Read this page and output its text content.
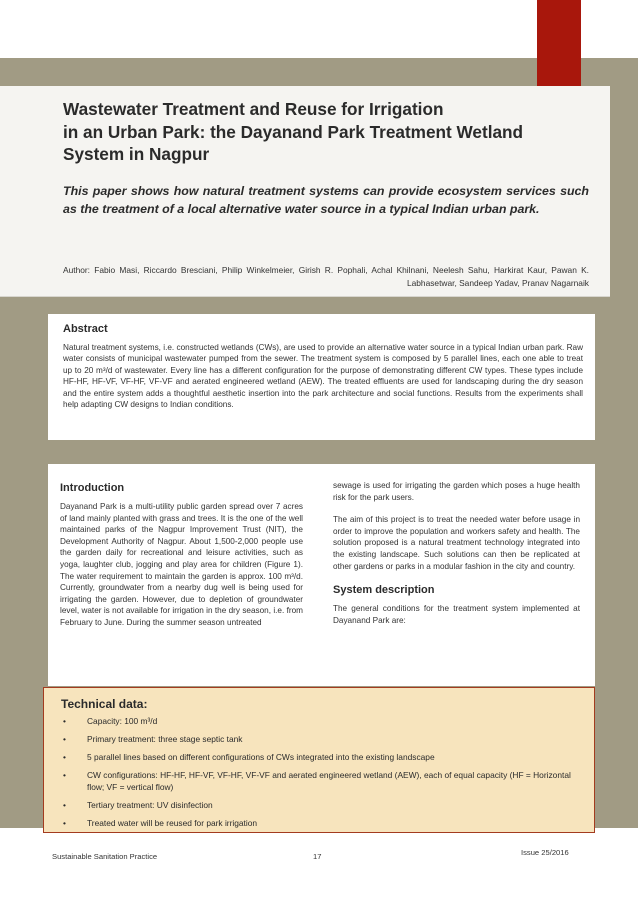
Wastewater Treatment and Reuse for Irrigation
in an Urban Park: the Dayanand Park Treatment Wetland
System in Nagpur

This paper shows how natural treatment systems can provide ecosystem services such as the treatment of a local alternative water source in a typical Indian urban park.

Author: Fabio Masi, Riccardo Bresciani, Philip Winkelmeier, Girish R. Pophali, Achal Khilnani, Neelesh Sahu, Harkirat Kaur, Pawan K. Labhasetwar, Sandeep Yadav, Pranav Nagarnaik

Abstract

Natural treatment systems, i.e. constructed wetlands (CWs), are used to provide an alternative water source in a typical Indian urban park. Raw water consists of municipal wastewater pumped from the sewer. The treatment system is composed by 5 parallel lines, each one able to treat up to 20 m³/d of wastewater. Every line has a different configuration for the purpose of demonstrating different CW types. These types include HF-HF, HF-VF, VF-HF, VF-VF and aerated engineered wetland (AEW). The treated effluents are used for landscaping during the dry season and the entire system adds a thoughtful aesthetic insertion into the park architecture and social functions. Results from the experiments shall help adapting CW designs to Indian conditions.

Introduction

Dayanand Park is a multi-utility public garden spread over 7 acres of land mainly planted with grass and trees. It is the one of the well maintained parks of the Nagpur Improvement Trust (NIT), the Development Authority of Nagpur. About 1,500-2,000 people use the garden daily for recreational and leisure activities, such as yoga, laughter club, jogging and play area for children (Figure 1). The water requirement to maintain the garden is approx. 100 m³/d. Currently, groundwater from a nearby dug well is being used for irrigating the garden. However, due to depletion of groundwater level, water is not available for irrigation in the dry season, i.e. from February to June. During the summer season untreated

sewage is used for irrigating the garden which poses a huge health risk for the park users.

The aim of this project is to treat the needed water before usage in order to improve the population and workers safety and health. The solution proposed is a natural treatment technology integrated into the existing landscape. Such solutions can then be replicated at other gardens or parks in a modular fashion in the city and country.

System description

The general conditions for the treatment system implemented at Dayanand Park are:

Technical data:
•	Capacity: 100 m³/d
•	Primary treatment: three stage septic tank
•	5 parallel lines based on different configurations of CWs integrated into the existing landscape
•	CW configurations: HF-HF, HF-VF, VF-HF, VF-VF and aerated engineered wetland (AEW), each of equal capacity (HF = Horizontal flow; VF = vertical flow)
•	Tertiary treatment: UV disinfection
•	Treated water will be reused for park irrigation
Sustainable Sanitation Practice	17	Issue 25/2016
